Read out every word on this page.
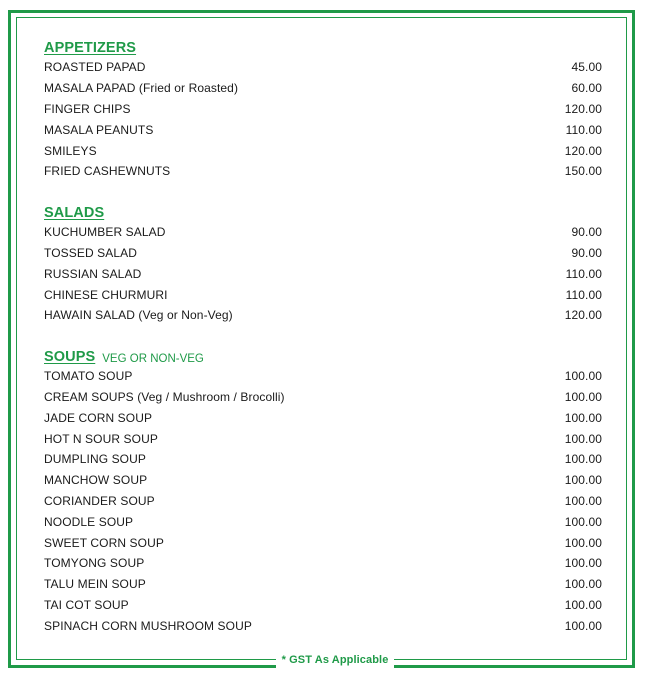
* GST As Applicable
APPETIZERS
ROASTED PAPAD	45.00
MASALA PAPAD (Fried or Roasted)	60.00
FINGER CHIPS	120.00
MASALA PEANUTS	110.00
SMILEYS	120.00
FRIED CASHEWNUTS	150.00
SALADS
KUCHUMBER SALAD	90.00
TOSSED SALAD	90.00
RUSSIAN SALAD	110.00
CHINESE CHURMURI	110.00
HAWAIN SALAD (Veg or Non-Veg)	120.00
SOUPS VEG OR NON-VEG
TOMATO SOUP	100.00
CREAM SOUPS (Veg / Mushroom / Brocolli)	100.00
JADE CORN SOUP	100.00
HOT N SOUR SOUP	100.00
DUMPLING SOUP	100.00
MANCHOW SOUP	100.00
CORIANDER SOUP	100.00
NOODLE SOUP	100.00
SWEET CORN SOUP	100.00
TOMYONG SOUP	100.00
TALU MEIN SOUP	100.00
TAI COT SOUP	100.00
SPINACH CORN MUSHROOM SOUP	100.00
